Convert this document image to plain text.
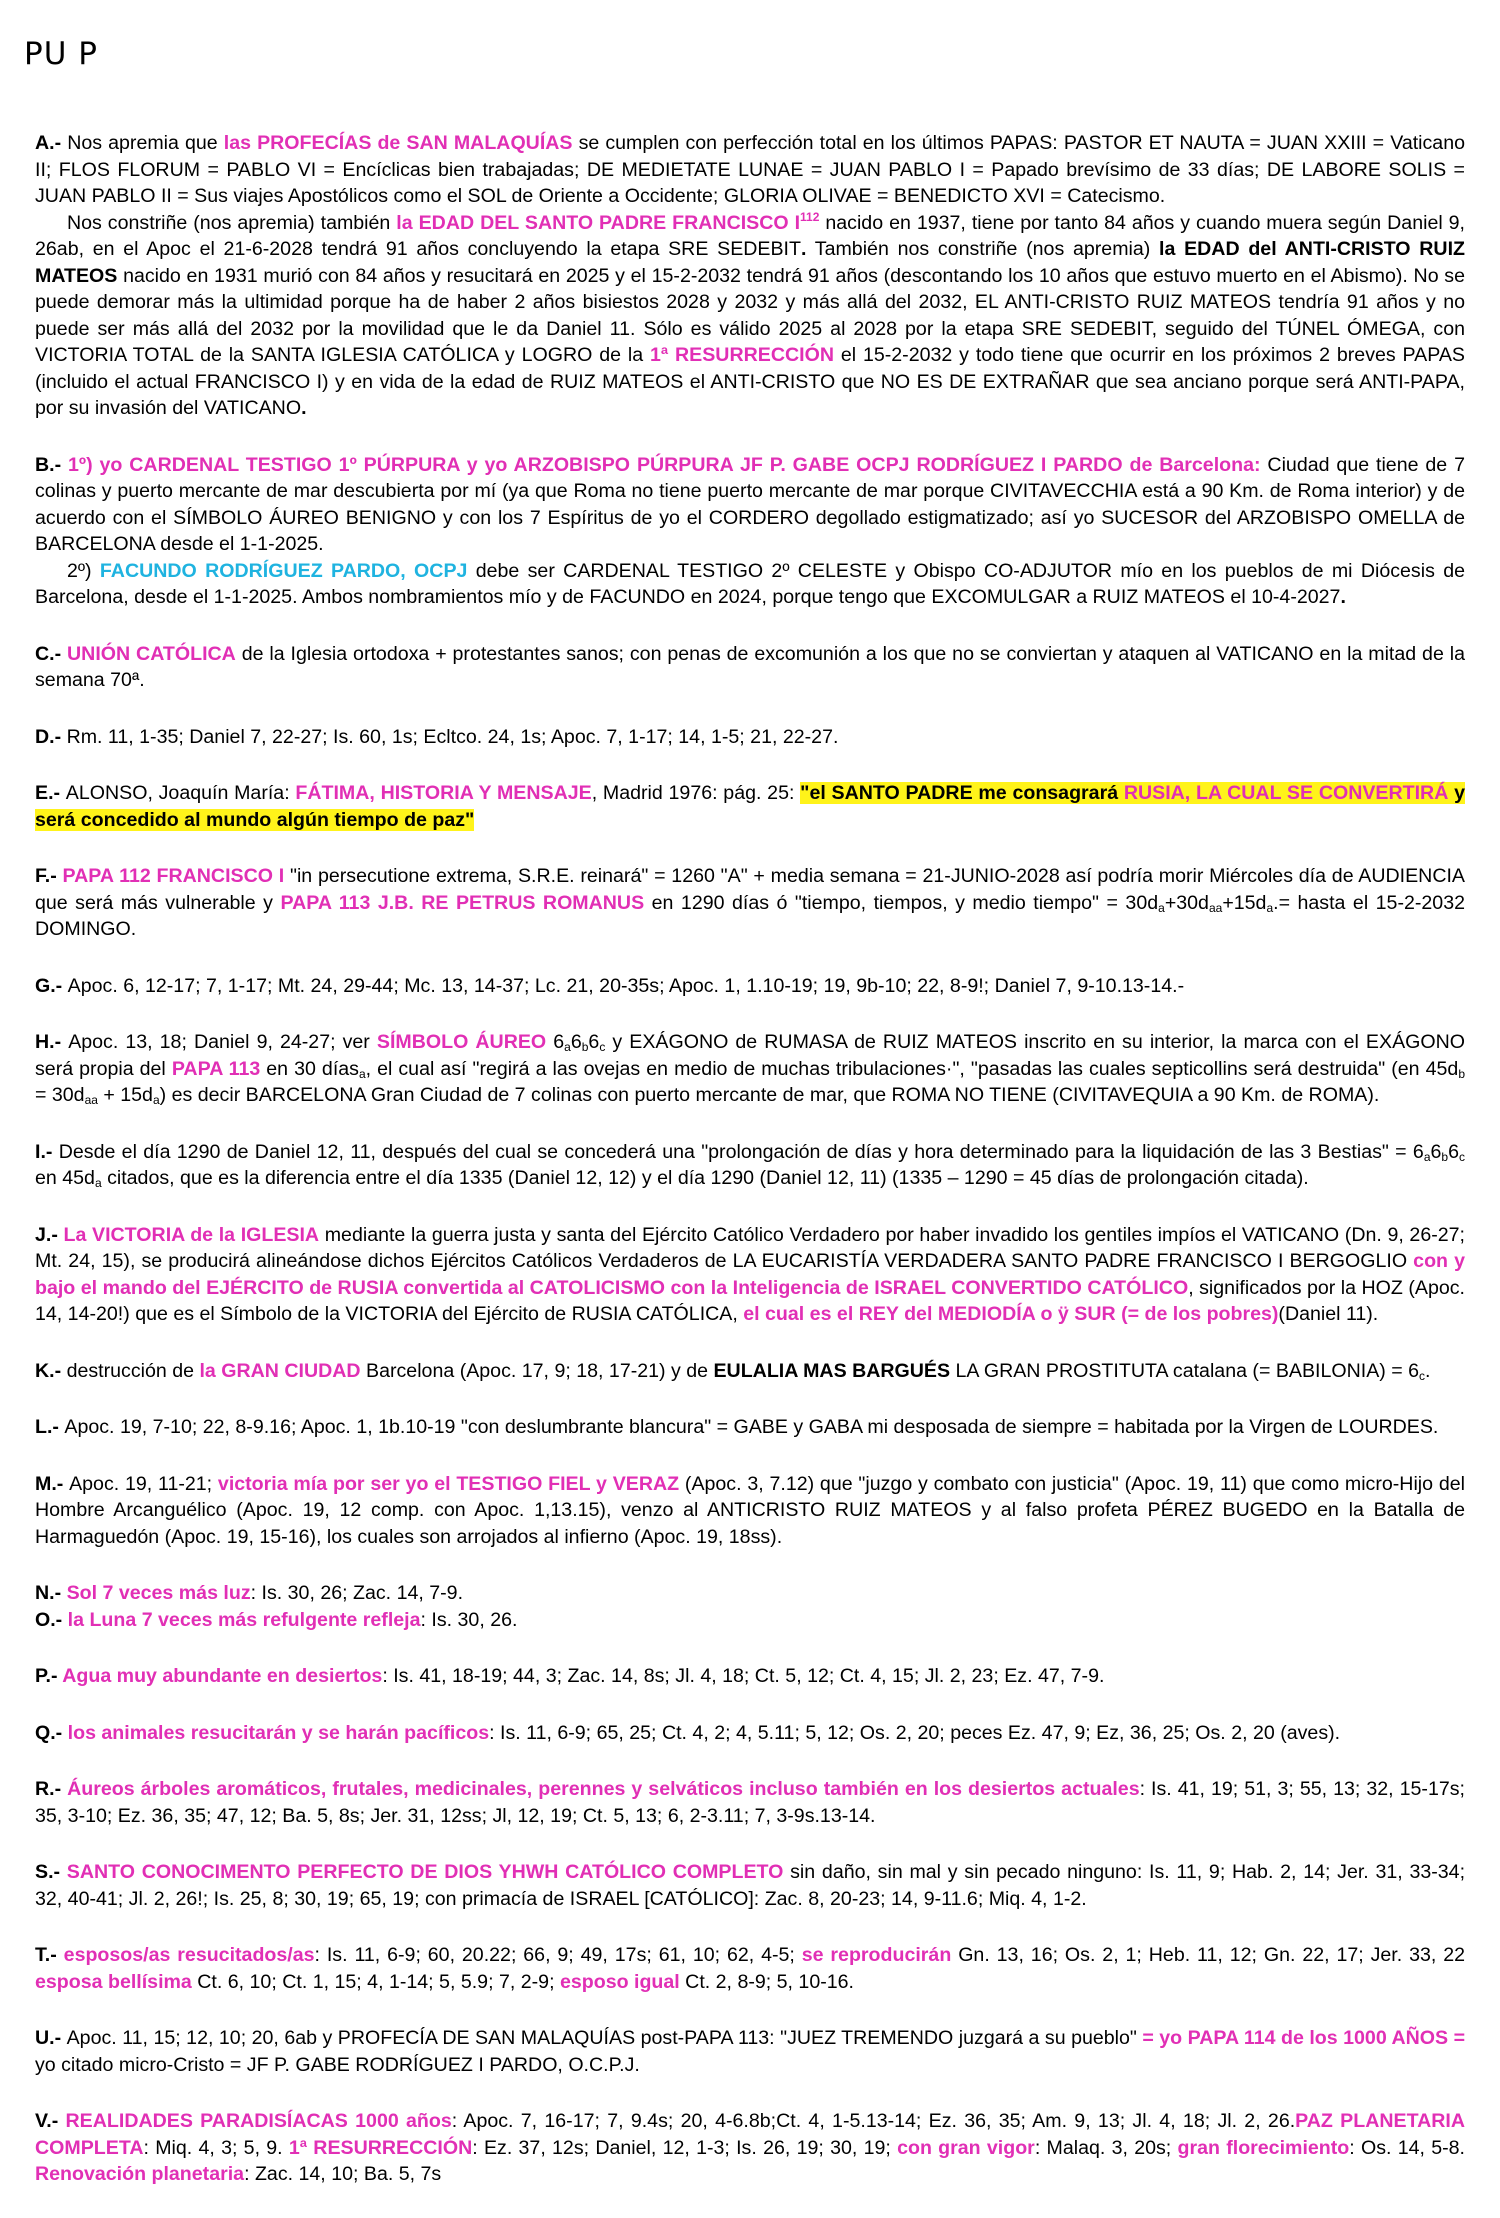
PU P

A.- Nos apremia que las PROFECÍAS de SAN MALAQUÍAS se cumplen con perfección total en los últimos PAPAS: PASTOR ET NAUTA = JUAN XXIII = Vaticano II; FLOS FLORUM = PABLO VI = Encíclicas bien trabajadas; DE MEDIETATE LUNAE = JUAN PABLO I = Papado brevísimo de 33 días; DE LABORE SOLIS = JUAN PABLO II = Sus viajes Apostólicos como el SOL de Oriente a Occidente; GLORIA OLIVAE = BENEDICTO XVI = Catecismo.

Nos constriñe (nos apremia) también la EDAD DEL SANTO PADRE FRANCISCO $I^{112}$ nacido en 1937, tiene por tanto 84 años y cuando muera según Daniel 9, 26ab, en el Apoc el 21-6-2028 tendrá 91 años concluyendo la etapa SRE SEDEBIT. También nos constriñe (nos apremia) la EDAD del ANTI-CRISTO RUIZ MATEOS nacido en 1931 murió con 84 años y resucitará en 2025 y el 15-2-2032 tendrá 91 años (descontando los 10 años que estuvo muerto en el Abismo). No se puede demorar más la ultimidad porque ha de haber 2 años bisiestos 2028 y 2032 y más allá del 2032, EL ANTI-CRISTO RUIZ MATEOS tendría 91 años y no puede ser más allá del 2032 por la movilidad que le da Daniel 11. Sólo es válido 2025 al 2028 por la etapa SRE SEDEBIT, seguido del TÚNEL ÓMEGA, con VICTORIA TOTAL de la SANTA IGLESIA CATÓLICA y LOGRO de la 1ª RESURRECCIÓN el 15-2-2032 y todo tiene que ocurrir en los próximos 2 breves PAPAS (incluido el actual FRANCISCO I) y en vida de la edad de RUIZ MATEOS el ANTI-CRISTO que NO ES DE EXTRAÑAR que sea anciano porque será ANTI-PAPA, por su invasión del VATICANO.

B.- 1º) yo CARDENAL TESTIGO 1º PÚRPURA y yo ARZOBISPO PÚRPURA JF P. GABE OCPJ RODRÍGUEZ I PARDO de Barcelona: Ciudad que tiene de 7 colinas y puerto mercante de mar descubierta por mí (ya que Roma no tiene puerto mercante de mar porque CIVITAVECCHIA está a 90 Km. de Roma interior) y de acuerdo con el SÍMBOLO ÁUREO BENIGNO y con los 7 Espíritus de yo el CORDERO degollado estigmatizado; así yo SUCESOR del ARZOBISPO OMELLA de BARCELONA desde el 1-1-2025.

2º) FACUNDO RODRÍGUEZ PARDO, OCPJ debe ser CARDENAL TESTIGO 2º CELESTE y Obispo CO-ADJUTOR mío en los pueblos de mi Diócesis de Barcelona, desde el 1-1-2025. Ambos nombramientos mío y de FACUNDO en 2024, porque tengo que EXCOMULGAR a RUIZ MATEOS el 10-4-2027.

C.- UNIÓN CATÓLICA de la Iglesia ortodoxa + protestantes sanos; con penas de excomunión a los que no se conviertan y ataquen al VATICANO en la mitad de la semana 70ª.

D.- Rm. 11, 1-35; Daniel 7, 22-27; Is. 60, 1s; Ecltco. 24, 1s; Apoc. 7, 1-17; 14, 1-5; 21, 22-27.

E.- ALONSO, Joaquín María: FÁTIMA, HISTORIA Y MENSAJE, Madrid 1976: pág. 25: "el SANTO PADRE me consagrará RUSIA, LA CUAL SE CONVERTIRÁ y será concedido al mundo algún tiempo de paz"

F.- PAPA 112 FRANCISCO I "in persecutione extrema, S.R.E. reinará" = 1260 "A" + media semana = 21-JUNIO-2028 así podría morir Miércoles día de AUDIENCIA que será más vulnerable y PAPA 113 J.B. RE PETRUS ROMANUS en 1290 días ó "tiempo, tiempos, y medio tiempo" = $30d_a+30d_{aa}+15d_a.=$ hasta el 15-2-2032 DOMINGO.

G.- Apoc. 6, 12-17; 7, 1-17; Mt. 24, 29-44; Mc. 13, 14-37; Lc. 21, 20-35s; Apoc. 1, 1.10-19; 19, 9b-10; 22, 8-9!; Daniel 7, 9-10.13-14.-

H.- Apoc. 13, 18; Daniel 9, 24-27; ver SÍMBOLO ÁUREO $6_a6_b6_c$ y EXÁGONO de RUMASA de RUIZ MATEOS inscrito en su interior, la marca con el EXÁGONO será propia del PAPA 113 en 30 días$_a$, el cual así "regirá a las ovejas en medio de muchas tribulaciones·", "pasadas las cuales septicollins será destruida" (en $45d_b = 30d_{aa} + 15d_a$) es decir BARCELONA Gran Ciudad de 7 colinas con puerto mercante de mar, que ROMA NO TIENE (CIVITAVEQUIA a 90 Km. de ROMA).

I.- Desde el día 1290 de Daniel 12, 11, después del cual se concederá una "prolongación de días y hora determinado para la liquidación de las 3 Bestias" = $6_a6_b6_c$ en $45d_a$ citados, que es la diferencia entre el día 1335 (Daniel 12, 12) y el día 1290 (Daniel 12, 11) (1335 – 1290 = 45 días de prolongación citada).

J.- La VICTORIA de la IGLESIA mediante la guerra justa y santa del Ejército Católico Verdadero por haber invadido los gentiles impíos el VATICANO (Dn. 9, 26-27; Mt. 24, 15), se producirá alineándose dichos Ejércitos Católicos Verdaderos de LA EUCARISTÍA VERDADERA SANTO PADRE FRANCISCO I BERGOGLIO con y bajo el mando del EJÉRCITO de RUSIA convertida al CATOLICISMO con la Inteligencia de ISRAEL CONVERTIDO CATÓLICO, significados por la HOZ (Apoc. 14, 14-20!) que es el Símbolo de la VICTORIA del Ejército de RUSIA CATÓLICA, el cual es el REY del MEDIODÍA o ÿ SUR (= de los pobres)(Daniel 11).

K.- destrucción de la GRAN CIUDAD Barcelona (Apoc. 17, 9; 18, 17-21) y de EULALIA MAS BARGUÉS LA GRAN PROSTITUTA catalana (= BABILONIA) = $6_c$.

L.- Apoc. 19, 7-10; 22, 8-9.16; Apoc. 1, 1b.10-19 "con deslumbrante blancura" = GABE y GABA mi desposada de siempre = habitada por la Virgen de LOURDES.

M.- Apoc. 19, 11-21; victoria mía por ser yo el TESTIGO FIEL y VERAZ (Apoc. 3, 7.12) que "juzgo y combato con justicia" (Apoc. 19, 11) que como micro-Hijo del Hombre Arcanguélico (Apoc. 19, 12 comp. con Apoc. 1,13.15), venzo al ANTICRISTO RUIZ MATEOS y al falso profeta PÉREZ BUGEDO en la Batalla de Harmaguedón (Apoc. 19, 15-16), los cuales son arrojados al infierno (Apoc. 19, 18ss).

N.- Sol 7 veces más luz: Is. 30, 26; Zac. 14, 7-9.

O.- la Luna 7 veces más refulgente refleja: Is. 30, 26.

P.- Agua muy abundante en desiertos: Is. 41, 18-19; 44, 3; Zac. 14, 8s; Jl. 4, 18; Ct. 5, 12; Ct. 4, 15; Jl. 2, 23; Ez. 47, 7-9.

Q.- los animales resucitarán y se harán pacíficos: Is. 11, 6-9; 65, 25; Ct. 4, 2; 4, 5.11; 5, 12; Os. 2, 20; peces Ez. 47, 9; Ez, 36, 25; Os. 2, 20 (aves).

R.- Áureos árboles aromáticos, frutales, medicinales, perennes y selváticos incluso también en los desiertos actuales: Is. 41, 19; 51, 3; 55, 13; 32, 15-17s; 35, 3-10; Ez. 36, 35; 47, 12; Ba. 5, 8s; Jer. 31, 12ss; Jl, 12, 19; Ct. 5, 13; 6, 2-3.11; 7, 3-9s.13-14.

S.- SANTO CONOCIMENTO PERFECTO DE DIOS YHWH CATÓLICO COMPLETO sin daño, sin mal y sin pecado ninguno: Is. 11, 9; Hab. 2, 14; Jer. 31, 33-34; 32, 40-41; Jl. 2, 26!; Is. 25, 8; 30, 19; 65, 19; con primacía de ISRAEL [CATÓLICO]: Zac. 8, 20-23; 14, 9-11.6; Miq. 4, 1-2.

T.- esposos/as resucitados/as: Is. 11, 6-9; 60, 20.22; 66, 9; 49, 17s; 61, 10; 62, 4-5; se reproducirán Gn. 13, 16; Os. 2, 1; Heb. 11, 12; Gn. 22, 17; Jer. 33, 22 esposa bellísima Ct. 6, 10; Ct. 1, 15; 4, 1-14; 5, 5.9; 7, 2-9; esposo igual Ct. 2, 8-9; 5, 10-16.

U.- Apoc. 11, 15; 12, 10; 20, 6ab y PROFECÍA DE SAN MALAQUÍAS post-PAPA 113: "JUEZ TREMENDO juzgará a su pueblo" = yo PAPA 114 de los 1000 AÑOS = yo citado micro-Cristo = JF P. GABE RODRÍGUEZ I PARDO, O.C.P.J.

V.- REALIDADES PARADISÍACAS 1000 años: Apoc. 7, 16-17; 7, 9.4s; 20, 4-6.8b;Ct. 4, 1-5.13-14; Ez. 36, 35; Am. 9, 13; Jl. 4, 18; Jl. 2, 26.PAZ PLANETARIA COMPLETA: Miq. 4, 3; 5, 9. 1ª RESURRECCIÓN: Ez. 37, 12s; Daniel, 12, 1-3; Is. 26, 19; 30, 19; con gran vigor: Malaq. 3, 20s; gran florecimiento: Os. 14, 5-8. Renovación planetaria: Zac. 14, 10; Ba. 5, 7s
